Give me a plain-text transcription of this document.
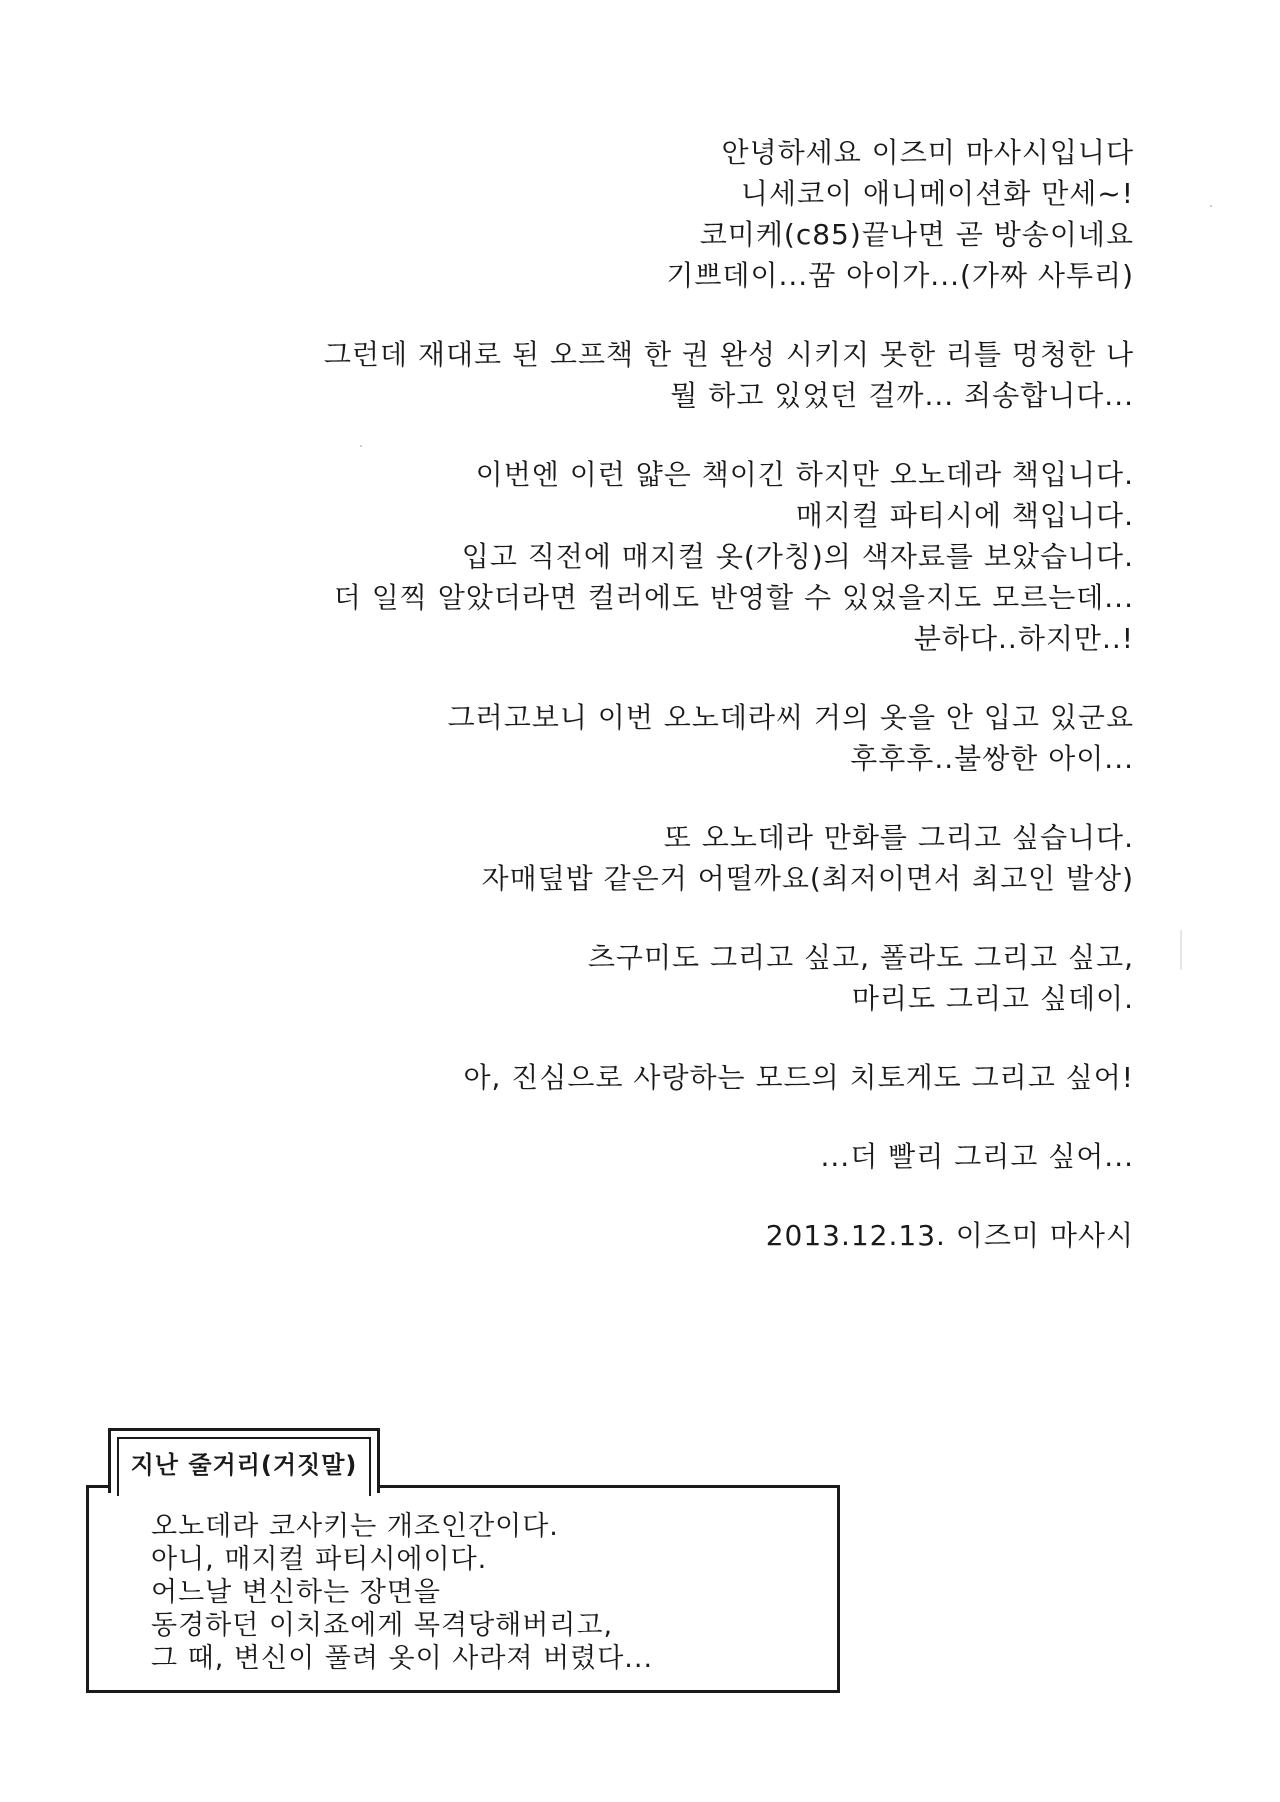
안녕하세요 이즈미 마사시입니다
니세코이 애니메이션화 만세~!
코미케(c85)끝나면 곧 방송이네요
기쁘데이...꿈 아이가...(가짜 사투리)
그런데 재대로 된 오프책 한 권 완성 시키지 못한 리틀 멍청한 나
뭘 하고 있었던 걸까... 죄송합니다...
이번엔 이런 얇은 책이긴 하지만 오노데라 책입니다.
매지컬 파티시에 책입니다.
입고 직전에 매지컬 옷(가칭)의 색자료를 보았습니다.
더 일찍 알았더라면 컬러에도 반영할 수 있었을지도 모르는데...
분하다..하지만..!
그러고보니 이번 오노데라씨 거의 옷을 안 입고 있군요
후후후..불쌍한 아이...
또 오노데라 만화를 그리고 싶습니다.
자매덮밥 같은거 어떨까요(최저이면서 최고인 발상)
츠구미도 그리고 싶고, 폴라도 그리고 싶고,
마리도 그리고 싶데이.
아, 진심으로 사랑하는 모드의 치토게도 그리고 싶어!
...더 빨리 그리고 싶어...
2013.12.13. 이즈미 마사시
지난 줄거리(거짓말)
오노데라 코사키는 개조인간이다.
아니, 매지컬 파티시에이다.
어느날 변신하는 장면을
동경하던 이치죠에게 목격당해버리고,
그 때, 변신이 풀려 옷이 사라져 버렸다...
